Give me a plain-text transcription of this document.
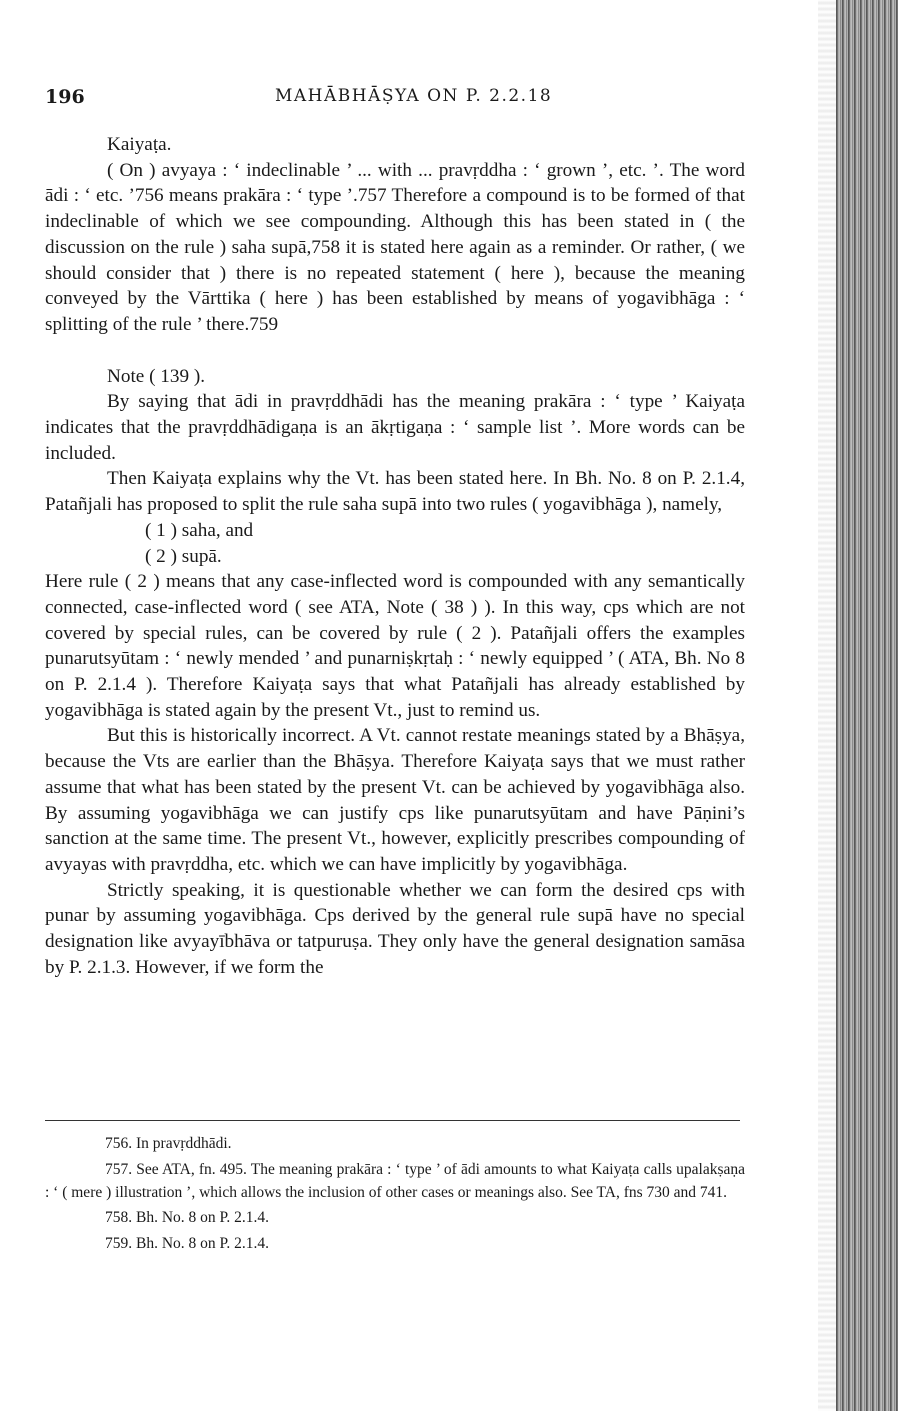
196	MAHĀBHĀṢYA ON P. 2.2.18

Kaiyaṭa.

( On ) avyaya : ‘ indeclinable ’ ... with ... pravṛddha : ‘ grown ’, etc. ’. The word ādi : ‘ etc. ’756 means prakāra : ‘ type ’.757 Therefore a compound is to be formed of that indeclinable of which we see compounding. Although this has been stated in ( the discussion on the rule ) saha supā,758 it is stated here again as a reminder. Or rather, ( we should consider that ) there is no repeated statement ( here ), because the meaning conveyed by the Vārttika ( here ) has been established by means of yogavibhāga : ‘ splitting of the rule ’ there.759

Note ( 139 ).

By saying that ādi in pravṛddhādi has the meaning prakāra : ‘ type ’ Kaiyaṭa indicates that the pravṛddhādigaṇa is an ākṛtigaṇa : ‘ sample list ’. More words can be included.

Then Kaiyaṭa explains why the Vt. has been stated here. In Bh. No. 8 on P. 2.1.4, Patañjali has proposed to split the rule saha supā into two rules ( yogavibhāga ), namely,

( 1 ) saha, and

( 2 ) supā.

Here rule ( 2 ) means that any case-inflected word is compounded with any semantically connected, case-inflected word ( see ATA, Note ( 38 ) ). In this way, cps which are not covered by special rules, can be covered by rule ( 2 ). Patañjali offers the examples punarutsyūtam : ‘ newly mended ’ and punarniṣkṛtaḥ : ‘ newly equipped ’ ( ATA, Bh. No 8 on P. 2.1.4 ). Therefore Kaiyaṭa says that what Patañjali has already established by yogavibhāga is stated again by the present Vt., just to remind us.

But this is historically incorrect. A Vt. cannot restate meanings stated by a Bhāṣya, because the Vts are earlier than the Bhāṣya. Therefore Kaiyaṭa says that we must rather assume that what has been stated by the present Vt. can be achieved by yogavibhāga also. By assuming yogavibhāga we can justify cps like punarutsyūtam and have Pāṇini’s sanction at the same time. The present Vt., however, explicitly prescribes compounding of avyayas with pravṛddha, etc. which we can have implicitly by yogavibhāga.

Strictly speaking, it is questionable whether we can form the desired cps with punar by assuming yogavibhāga. Cps derived by the general rule supā have no special designation like avyayībhāva or tatpuruṣa. They only have the general designation samāsa by P. 2.1.3. However, if we form the

756. In pravṛddhādi.

757. See ATA, fn. 495. The meaning prakāra : ‘ type ’ of ādi amounts to what Kaiyaṭa calls upalakṣaṇa : ‘ ( mere ) illustration ’, which allows the inclusion of other cases or meanings also. See TA, fns 730 and 741.

758. Bh. No. 8 on P. 2.1.4.

759. Bh. No. 8 on P. 2.1.4.
